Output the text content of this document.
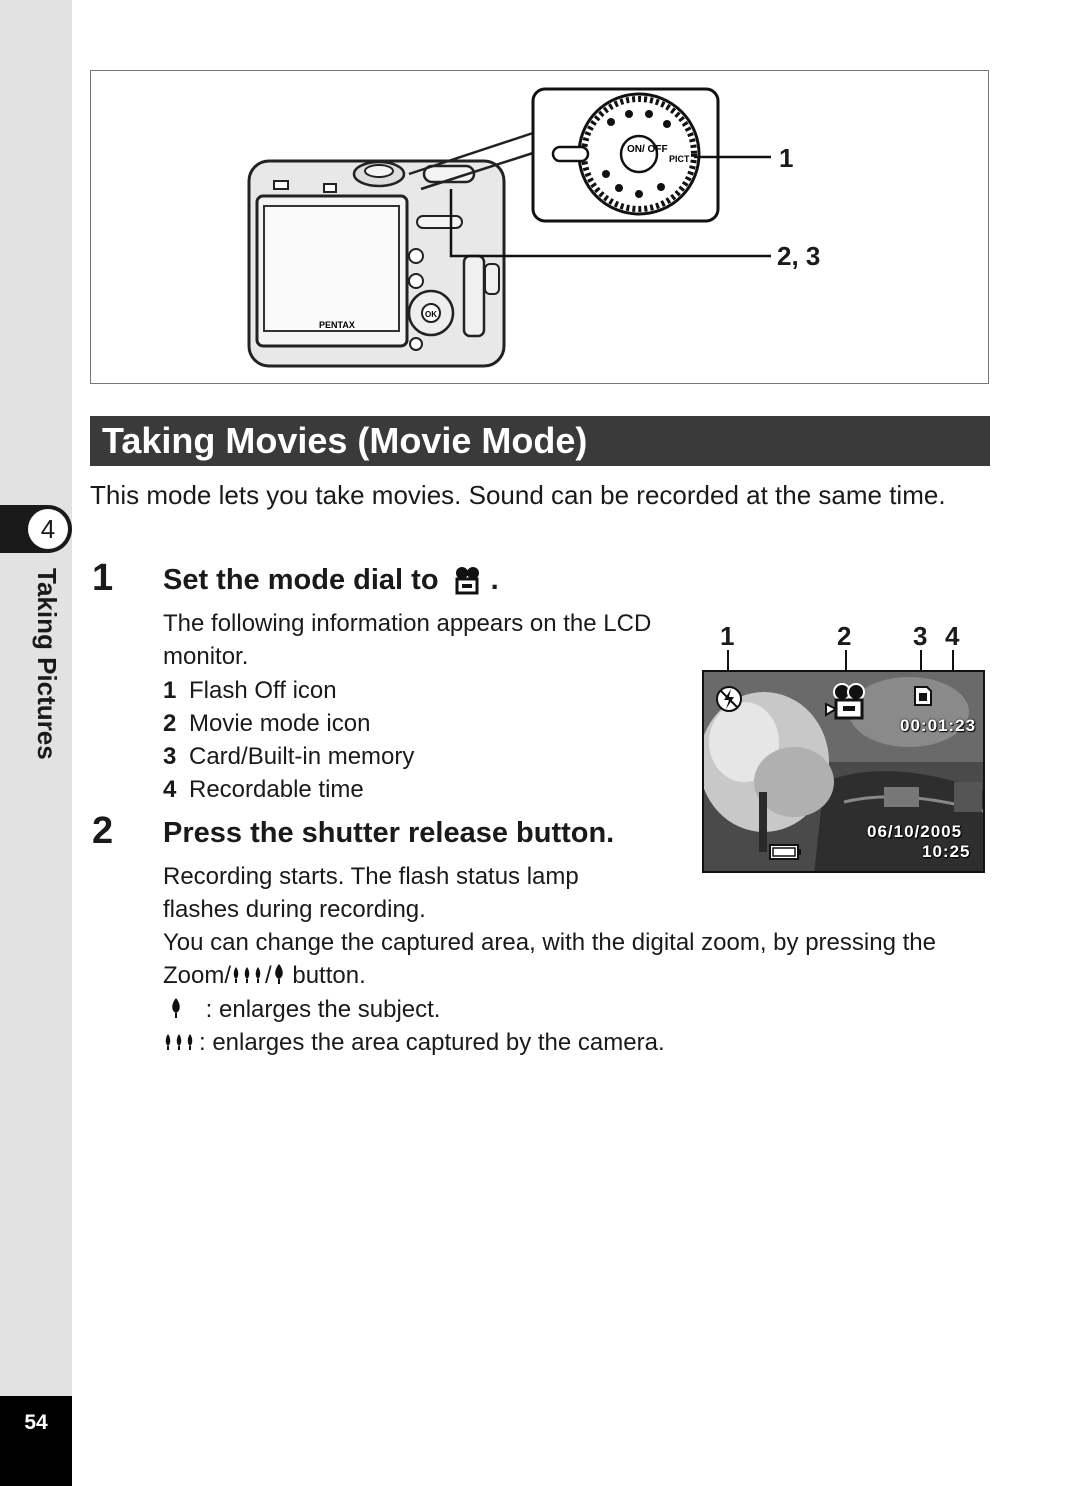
4
Taking Pictures
54
PENTAX
OK
ON/ OFF
PICT	1
2, 3
Taking Movies (Movie Mode)
This mode lets you take movies. Sound can be recorded at the same time.
1 Set the mode dial to .
The following information appears on the LCD monitor.
1 Flash Off icon
2 Movie mode icon
3 Card/Built-in memory
4 Recordable time
1	2 3 4
00:01:23
06/10/2005
10:25
2 Press the shutter release button.
Recording starts. The flash status lamp flashes during recording.
You can change the captured area, with the digital zoom, by pressing the Zoom/ / button.
: enlarges the subject.
: enlarges the area captured by the camera.
